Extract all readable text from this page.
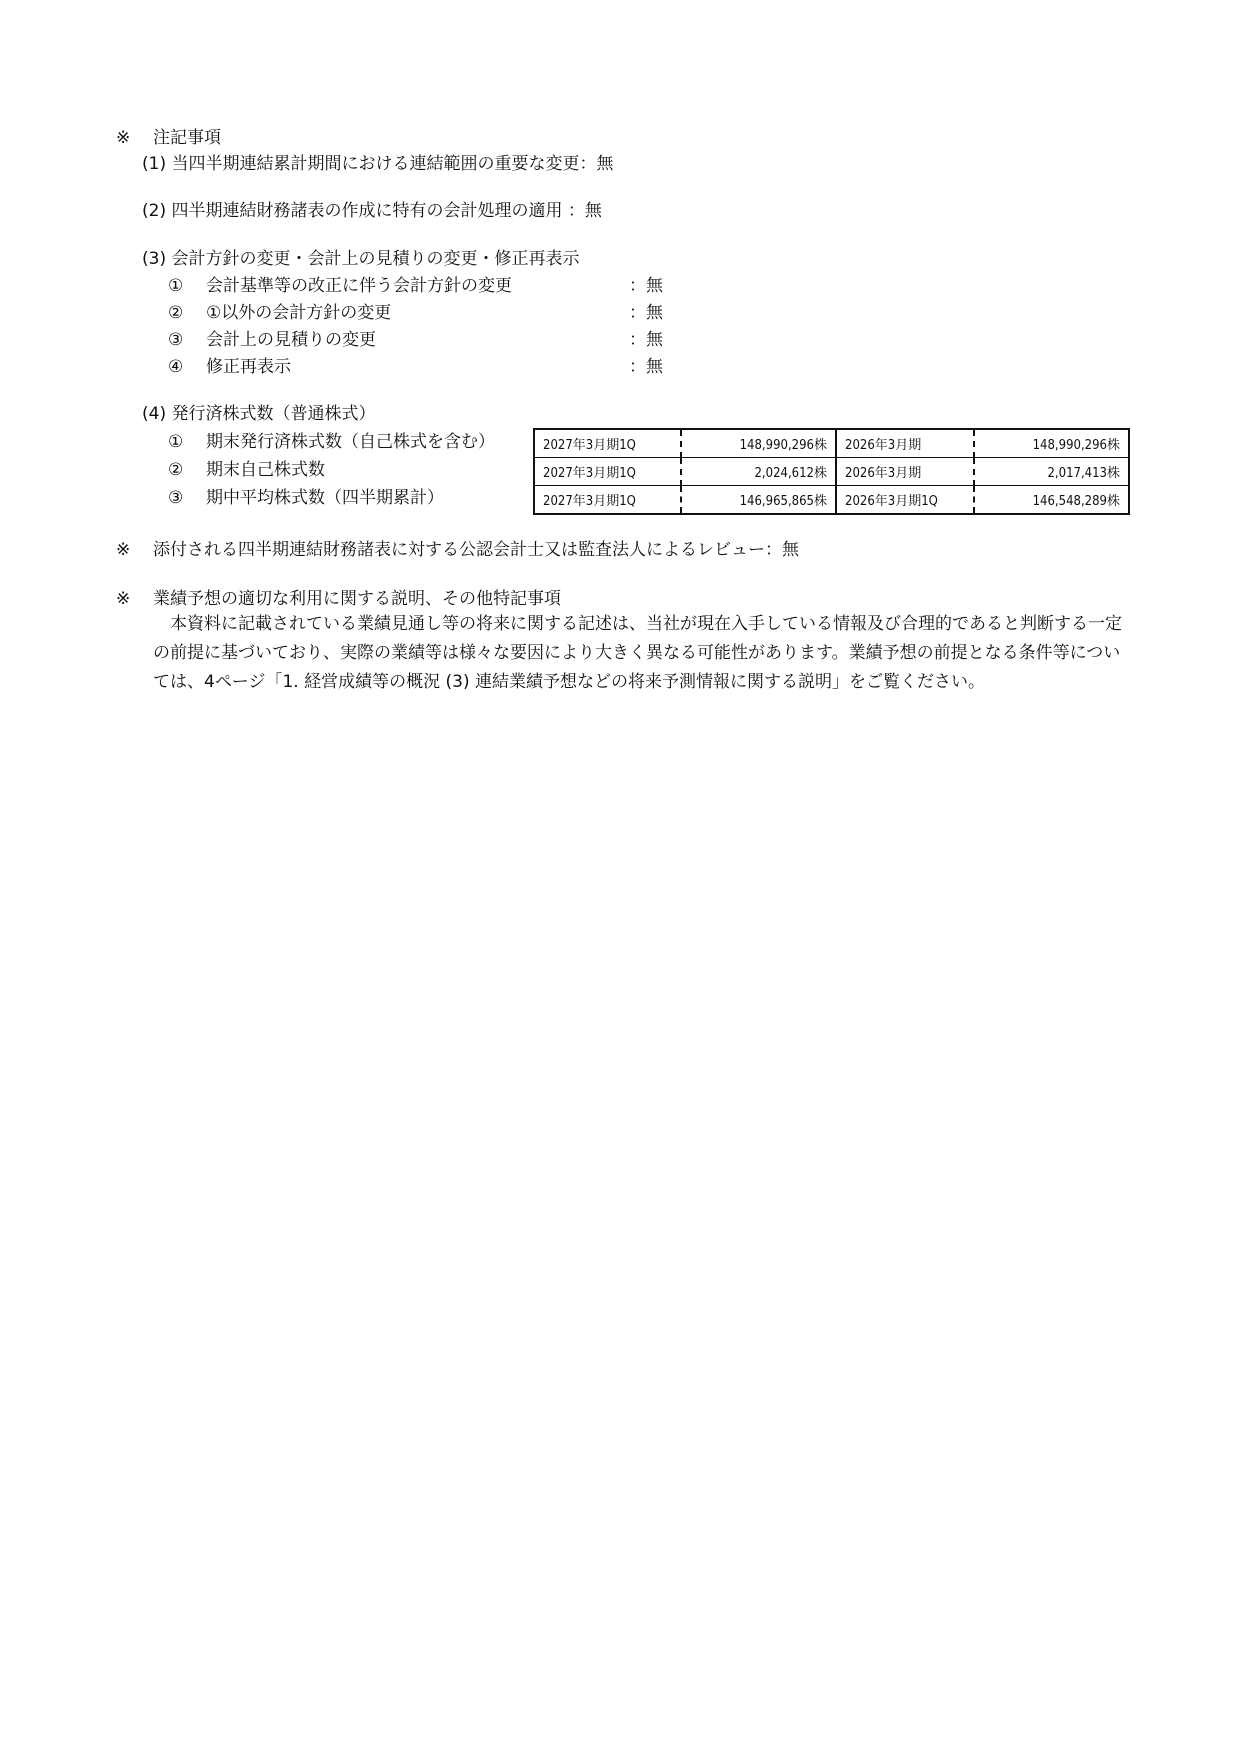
※ 注記事項
(1) 当四半期連結累計期間における連結範囲の重要な変更：無
(2) 四半期連結財務諸表の作成に特有の会計処理の適用 ：無
(3) 会計方針の変更・会計上の見積りの変更・修正再表示
① 会計基準等の改正に伴う会計方針の変更	：無
② ①以外の会計方針の変更	：無
③ 会計上の見積りの変更	：無
④ 修正再表示	：無
(4) 発行済株式数（普通株式）
① 期末発行済株式数（自己株式を含む）
② 期末自己株式数
③ 期中平均株式数（四半期累計）
2027年3月期1Q	148,990,296株	2026年3月期	148,990,296株
2027年3月期1Q	2,024,612株	2026年3月期	2,017,413株
2027年3月期1Q	146,965,865株	2026年3月期1Q	146,548,289株
※ 添付される四半期連結財務諸表に対する公認会計士又は監査法人によるレビュー：無
※ 業績予想の適切な利用に関する説明、その他特記事項
本資料に記載されている業績見通し等の将来に関する記述は、当社が現在入手している情報及び合理的であると判断する一定の前提に基づいており、実際の業績等は様々な要因により大きく異なる可能性があります。業績予想の前提となる条件等については、4ページ「1. 経営成績等の概況 (3) 連結業績予想などの将来予測情報に関する説明」をご覧ください。
